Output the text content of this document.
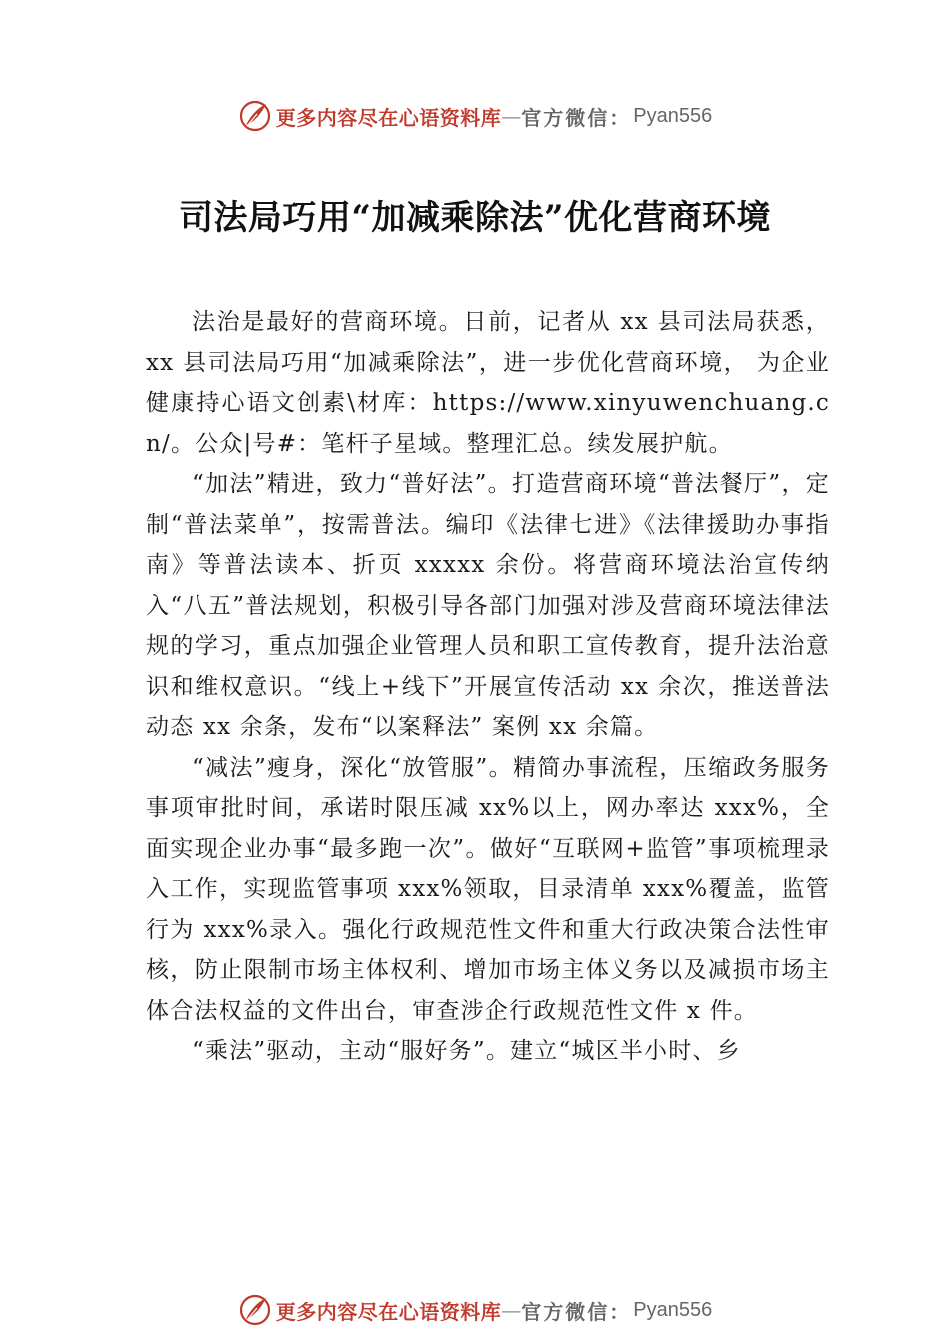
更多内容尽在心语资料库 — 官方微信： Pyan556
司法局巧用“加减乘除法”优化营商环境

法治是最好的营商环境。日前，记者从 xx 县司法局获悉，xx 县司法局巧用“加减乘除法”，进一步优化营商环境， 为企业健康持心语文创素\材库：https://www.xinyuwenchuang.cn/。公众|号#：笔杆子星域。整理汇总。续发展护航。

“加法”精进，致力“普好法”。打造营商环境“普法餐厅”，定制“普法菜单”，按需普法。编印《法律七进》《法律援助办事指南》等普法读本、折页 xxxxx 余份。将营商环境法治宣传纳入“八五”普法规划，积极引导各部门加强对涉及营商环境法律法规的学习，重点加强企业管理人员和职工宣传教育，提升法治意识和维权意识。“线上+线下”开展宣传活动 xx 余次，推送普法动态 xx 余条，发布“以案释法” 案例 xx 余篇。

“减法”瘦身，深化“放管服”。精简办事流程，压缩政务服务事项审批时间，承诺时限压减 xx%以上，网办率达 xxx%，全面实现企业办事“最多跑一次”。做好“互联网+监管”事项梳理录入工作，实现监管事项 xxx%领取，目录清单 xxx%覆盖，监管行为 xxx%录入。强化行政规范性文件和重大行政决策合法性审核，防止限制市场主体权利、增加市场主体义务以及减损市场主体合法权益的文件出台，审查涉企行政规范性文件 x 件。

“乘法”驱动，主动“服好务”。建立“城区半小时、乡

更多内容尽在心语资料库 — 官方微信： Pyan556
